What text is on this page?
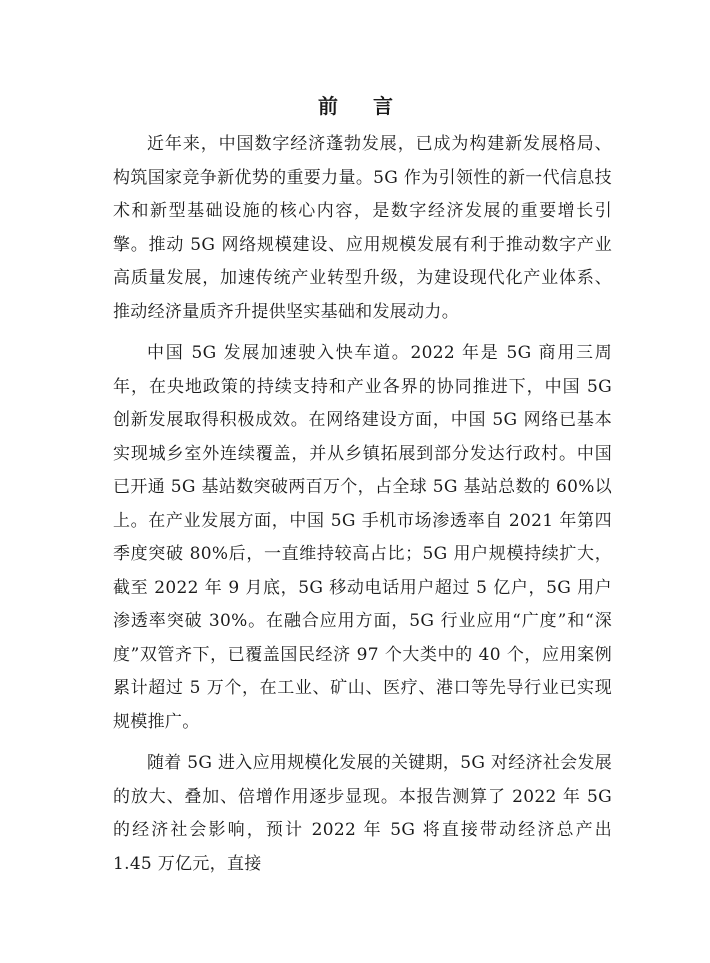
前 言

近年来，中国数字经济蓬勃发展，已成为构建新发展格局、构筑国家竞争新优势的重要力量。5G 作为引领性的新一代信息技术和新型基础设施的核心内容，是数字经济发展的重要增长引擎。推动 5G 网络规模建设、应用规模发展有利于推动数字产业高质量发展，加速传统产业转型升级，为建设现代化产业体系、推动经济量质齐升提供坚实基础和发展动力。

中国 5G 发展加速驶入快车道。2022 年是 5G 商用三周年，在央地政策的持续支持和产业各界的协同推进下，中国 5G 创新发展取得积极成效。在网络建设方面，中国 5G 网络已基本实现城乡室外连续覆盖，并从乡镇拓展到部分发达行政村。中国已开通 5G 基站数突破两百万个，占全球 5G 基站总数的 60%以上。在产业发展方面，中国 5G 手机市场渗透率自 2021 年第四季度突破 80%后，一直维持较高占比；5G 用户规模持续扩大，截至 2022 年 9 月底，5G 移动电话用户超过 5 亿户，5G 用户渗透率突破 30%。在融合应用方面，5G 行业应用“广度”和“深度”双管齐下，已覆盖国民经济 97 个大类中的 40 个，应用案例累计超过 5 万个，在工业、矿山、医疗、港口等先导行业已实现规模推广。

随着 5G 进入应用规模化发展的关键期，5G 对经济社会发展的放大、叠加、倍增作用逐步显现。本报告测算了 2022 年 5G 的经济社会影响，预计 2022 年 5G 将直接带动经济总产出 1.45 万亿元，直接
